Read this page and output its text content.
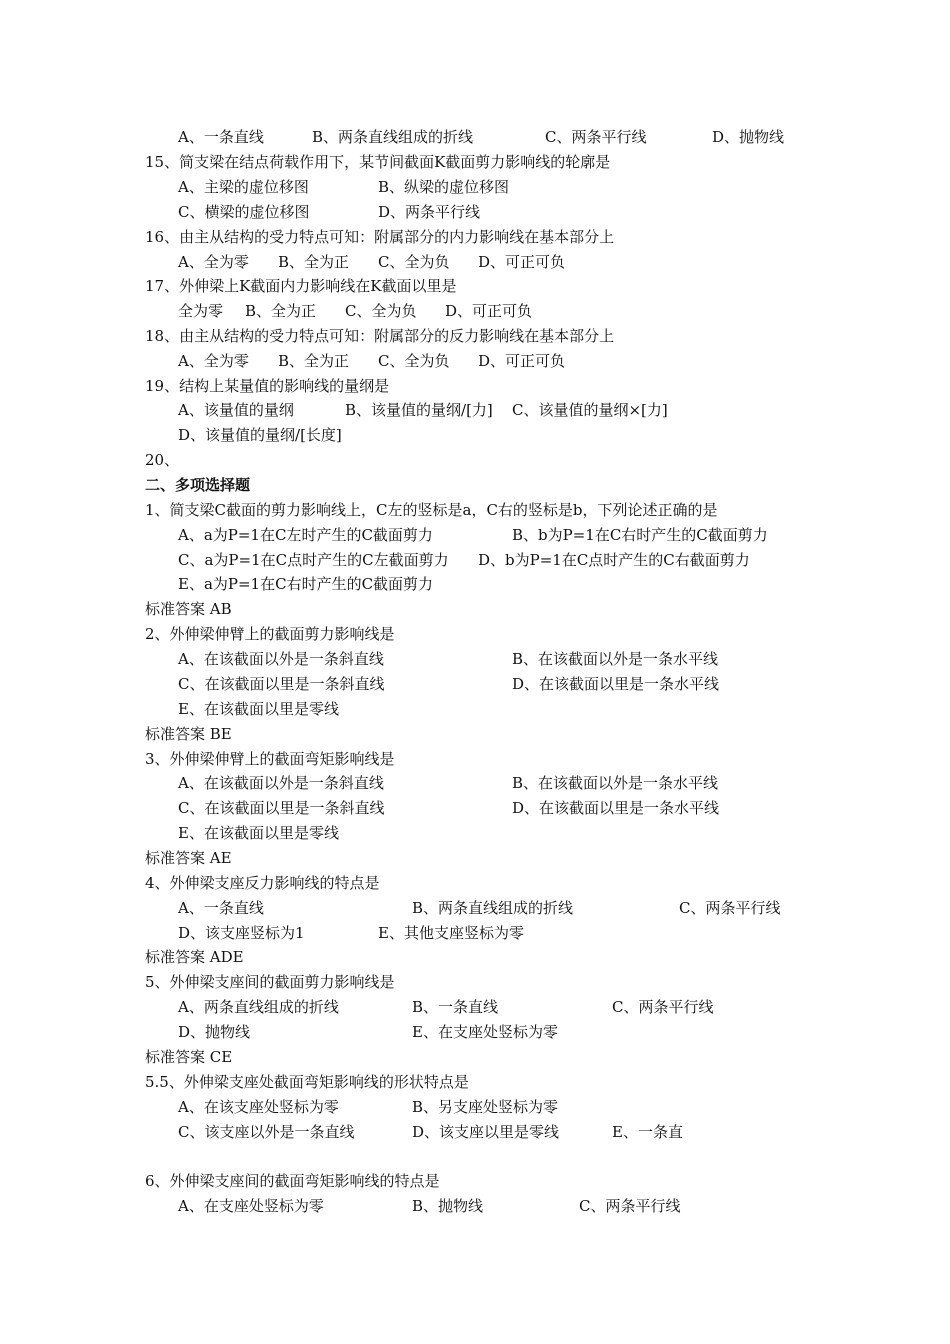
A、一条直线	B、两条直线组成的折线	C、两条平行线	D、抛物线
15、简支梁在结点荷载作用下，某节间截面K截面剪力影响线的轮廓是
A、主梁的虚位移图	B、纵梁的虚位移图
C、横梁的虚位移图	D、两条平行线
16、由主从结构的受力特点可知：附属部分的内力影响线在基本部分上
A、全为零 B、全为正 C、全为负 D、可正可负
17、外伸梁上K截面内力影响线在K截面以里是
全为零 B、全为正 C、全为负 D、可正可负
18、由主从结构的受力特点可知：附属部分的反力影响线在基本部分上
A、全为零 B、全为正 C、全为负 D、可正可负
19、结构上某量值的影响线的量纲是
A、该量值的量纲	B、该量值的量纲/[力] C、该量值的量纲×[力]
D、该量值的量纲/[长度]
20、
二、多项选择题
1、简支梁C截面的剪力影响线上，C左的竖标是a，C右的竖标是b，下列论述正确的是
A、a为P=1在C左时产生的C截面剪力	B、b为P=1在C右时产生的C截面剪力
C、a为P=1在C点时产生的C左截面剪力 D、b为P=1在C点时产生的C右截面剪力
E、a为P=1在C右时产生的C截面剪力
标准答案 AB
2、外伸梁伸臂上的截面剪力影响线是
A、在该截面以外是一条斜直线	B、在该截面以外是一条水平线
C、在该截面以里是一条斜直线	D、在该截面以里是一条水平线
E、在该截面以里是零线
标准答案 BE
3、外伸梁伸臂上的截面弯矩影响线是
A、在该截面以外是一条斜直线	B、在该截面以外是一条水平线
C、在该截面以里是一条斜直线	D、在该截面以里是一条水平线
E、在该截面以里是零线
标准答案 AE
4、外伸梁支座反力影响线的特点是
A、一条直线	B、两条直线组成的折线	C、两条平行线
D、该支座竖标为1	E、其他支座竖标为零
标准答案 ADE
5、外伸梁支座间的截面剪力影响线是
A、两条直线组成的折线	B、一条直线	C、两条平行线
D、抛物线	E、在支座处竖标为零
标准答案 CE
5.5、外伸梁支座处截面弯矩影响线的形状特点是
A、在该支座处竖标为零	B、另支座处竖标为零
C、该支座以外是一条直线	D、该支座以里是零线	E、一条直
6、外伸梁支座间的截面弯矩影响线的特点是
A、在支座处竖标为零	B、抛物线	C、两条平行线
